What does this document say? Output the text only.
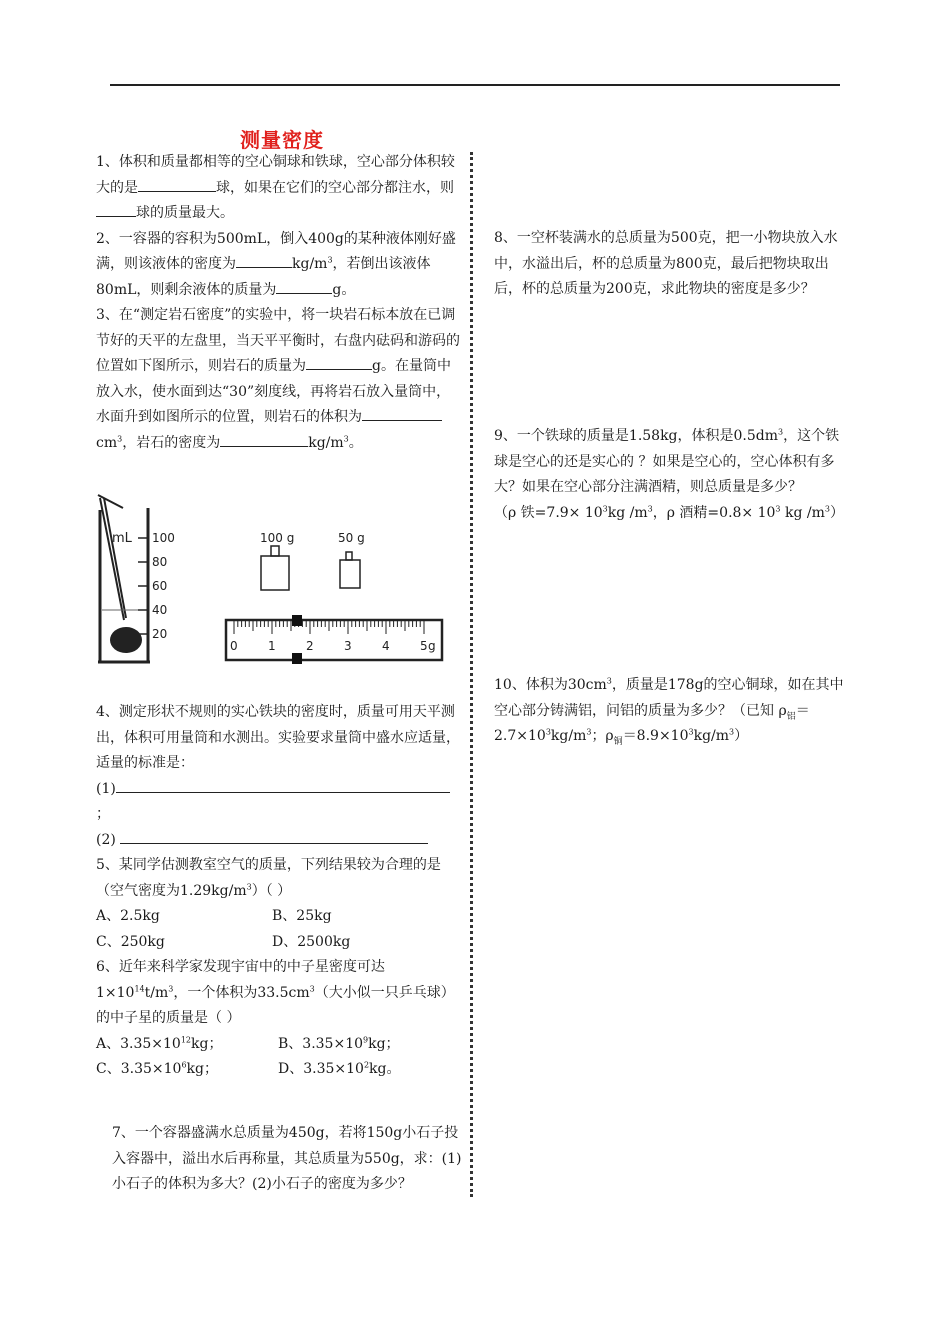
测量密度

1、体积和质量都相等的空心铜球和铁球，空心部分体积较大的是	球，如果在它们的空心部分都注水，则球的质量最大。

2、一容器的容积为500mL，倒入400g的某种液体刚好盛满，则该液体的密度为	$kg/m^3$，若倒出该液体80mL，则剩余液体的质量为	g。

3、在“测定岩石密度”的实验中，将一块岩石标本放在已调节好的天平的左盘里，当天平平衡时，右盘内砝码和游码的位置如下图所示，则岩石的质量为	g。在量筒中放入水，使水面到达“30”刻度线，再将岩石放入量筒中，水面升到如图所示的位置，则岩石的体积为$cm^3$，岩石的密度为	$kg/m^3$。

mL 100
80
60
40
20
100 g	50 g
0	1	2	3	4	5 g

4、测定形状不规则的实心铁块的密度时，质量可用天平测出，体积可用量筒和水测出。实验要求量筒中盛水应适量，适量的标准是：
(1)
；
(2)

5、某同学估测教室空气的质量，下列结果较为合理的是（空气密度为$1.29kg/m^3$）（ ）

A、2.5kg	B、25kg
C、250kg	D、2500kg

6、近年来科学家发现宇宙中的中子星密度可达$1\times 10^{14}t/m^3$，一个体积为$33.5cm^3$（大小似一只乒乓球）的中子星的质量是（ ）

A、$3.35\times 10^{12}kg$；	B、$3.35\times 10^9kg$；
C、$3.35\times 10^6kg$；	D、$3.35\times 10^2kg$。

7、一个容器盛满水总质量为450g，若将150g小石子投入容器中，溢出水后再称量，其总质量为550g，求：(1)小石子的体积为多大？(2)小石子的密度为多少？

8、一空杯装满水的总质量为500克，把一小物块放入水中，水溢出后，杯的总质量为800克，最后把物块取出后，杯的总质量为200克，求此物块的密度是多少？

9、一个铁球的质量是1.58kg，体积是$0.5dm^3$，这个铁球是空心的还是实心的 ？如果是空心的，空心体积有多大？如果在空心部分注满酒精，则总质量是多少？
（ρ 铁$=7.9\times 10^3kg$ $/m^3$，ρ 酒精$=0.8\times 10^3$ kg $/m^3$）

10、体积为$30cm^3$，质量是178g的空心铜球，如在其中空心部分铸满铝，问铝的质量为多少？（已知 $\rho_铝=2.7\times 10^3kg/m^3$；$\rho_铜=8.9\times 10^3kg/m^3$）
